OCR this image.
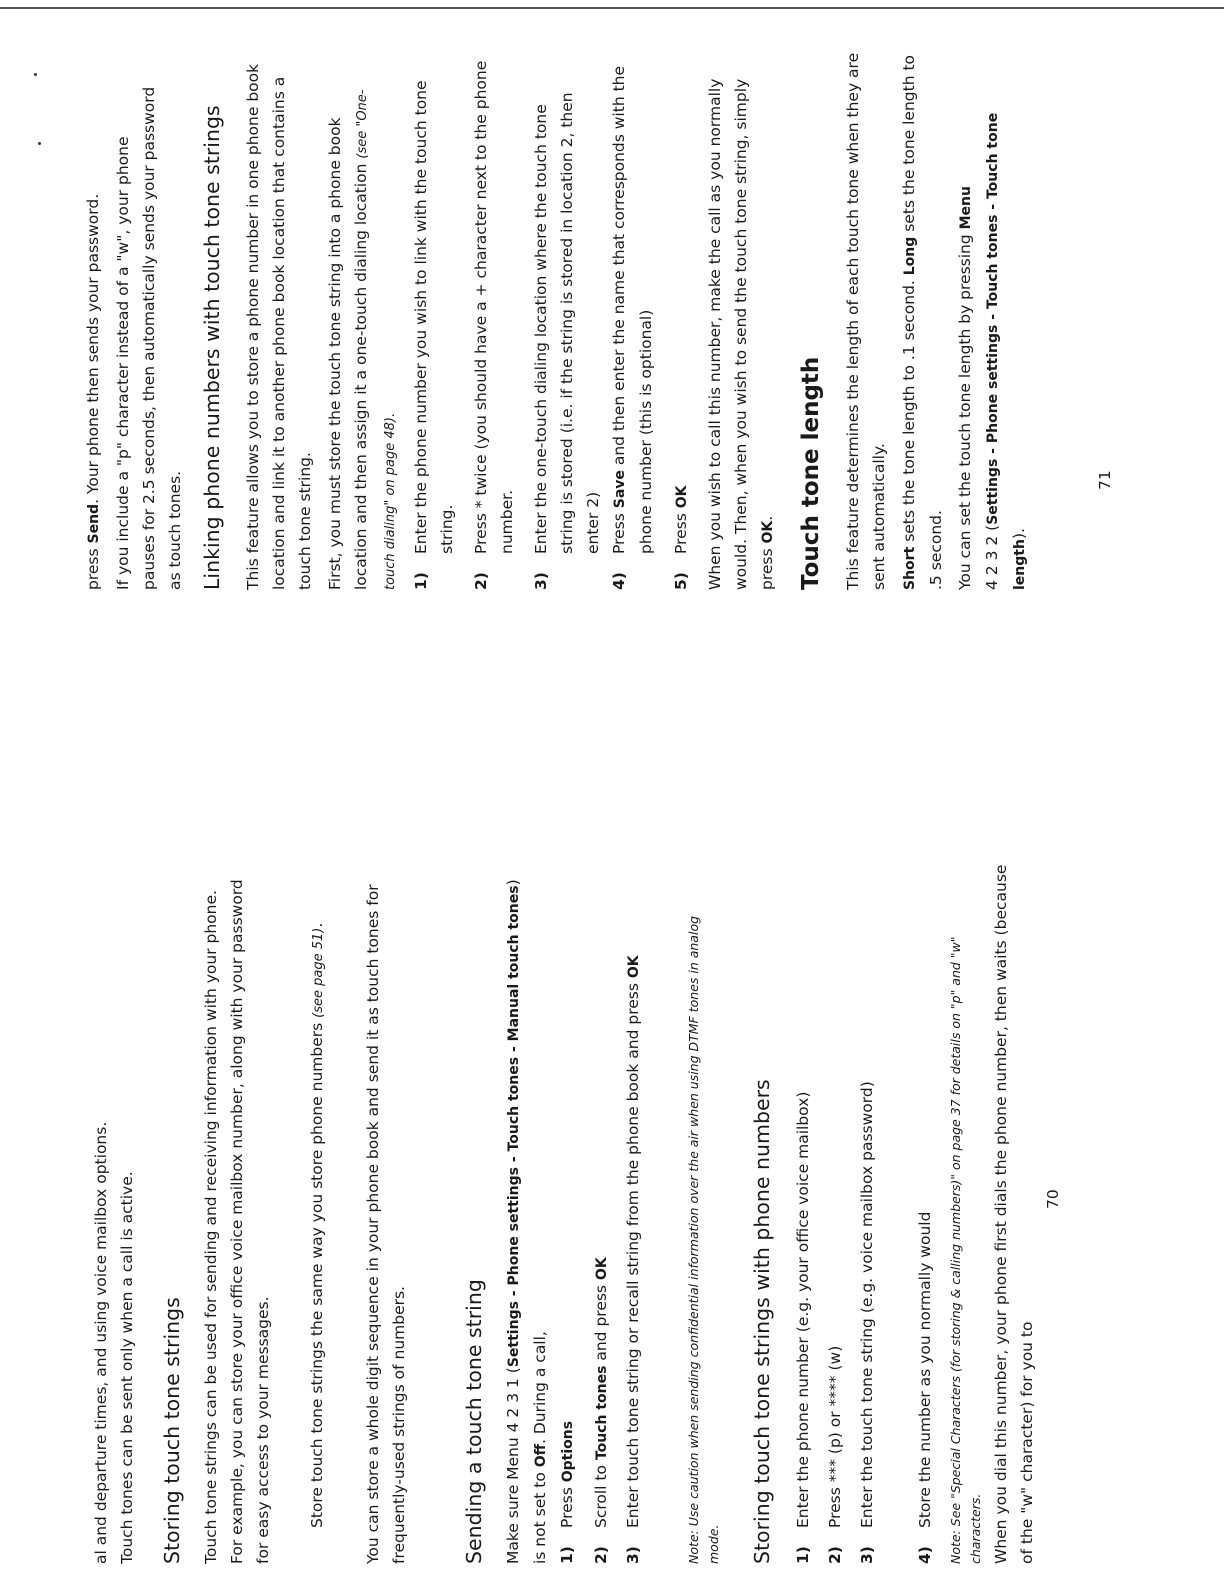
al and departure times, and using voice mailbox options. Touch tones can be sent only when a call is active. Storing touch tone strings Touch tone strings can be used for sending and receiving information with your phone. For example, you can store your office voice mailbox number, along with your password for easy access to your messages. Store touch tone strings the same way you store phone numbers (see page 51).	You can store a whole digit sequence in your phone book and send it as touch tones for frequently-used strings of numbers.	Sending a touch tone string Make sure Menu 4 2 3 1 (Settings - Phone settings - Touch tones - Manual touch tones) is not set to Off. During a call,

1)
Press Options
2)
Scroll to Touch tones and press OK
3)
Enter touch tone string or recall string from the phone book and press OK	Note: Use caution when sending confidential information over the air when using DTMF tones in analog mode. Storing touch tone strings with phone numbers 1)
Enter the phone number (e.g. your office voice mailbox)
2)
Press *** (p) or **** (w)
3)
Enter the touch tone string (e.g. voice mailbox password)
4)
Store the number as you normally would	Note: See "Special Characters (for storing & calling numbers)" on page 37 for details on "p" and "w" characters. When you dial this number, your phone first dials the phone number, then waits (because of the "w" character) for you to

70

press Send. Your phone then sends your password. If you include a "p" character instead of a "w", your phone pauses for 2.5 seconds, then automatically sends your password as touch tones. Linking phone numbers with touch tone strings This feature allows you to store a phone number in one phone book location and link it to another phone book location that contains a touch tone string. First, you must store the touch tone string into a phone book location and then assign it a one-touch dialing location (see "One-touch dialing" on page 48). 1)
Enter the phone number you wish to link with the touch tone string.
2)
Press * twice (you should have a + character next to the phone number.
3)
Enter the one-touch dialing location where the touch tone string is stored (i.e. if the string is stored in location 2, then enter 2)
4)
Press Save and then enter the name that corresponds with the phone number (this is optional)
5)
Press OK	When you wish to call this number, make the call as you normally would. Then, when you wish to send the touch tone string, simply press OK. Touch tone length This feature determines the length of each touch tone when they are sent automatically.	Short sets the tone length to .1 second. Long sets the tone length to .5 second. You can set the touch tone length by pressing Menu
4 2 3 2 (Settings - Phone settings - Touch tones - Touch tone length).

71
